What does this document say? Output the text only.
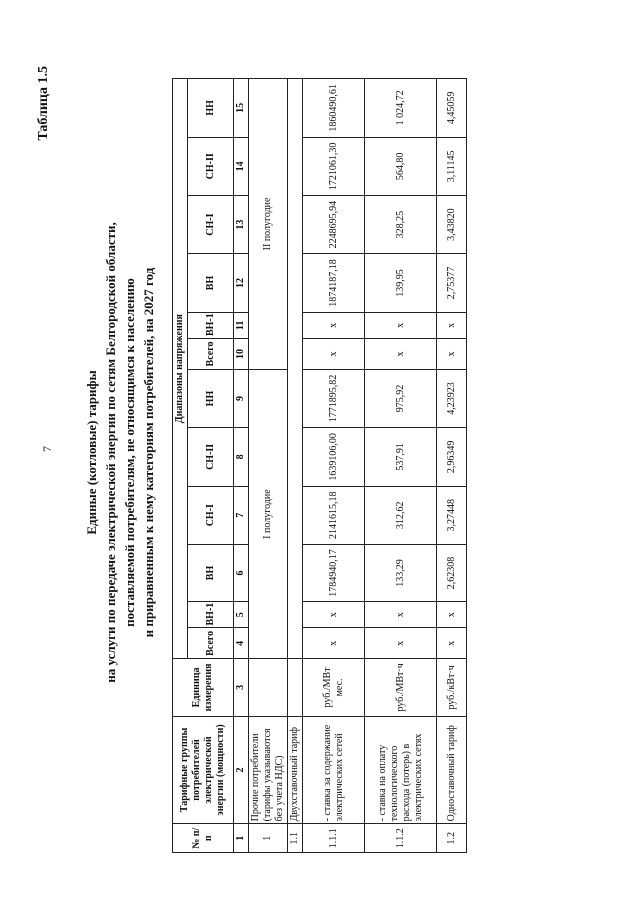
7
Таблица 1.5
Единые (котловые) тарифы на услуги по передаче электрической энергии по сетям Белгородской области, поставляемой потребителям, не относящимся к населению и приравненным к нему категориям потребителей, на 2027 год
№ п/п	Тарифные группы потребителей электрической энергии (мощности)	Единица измерения	Диапазоны напряжения											
			Всего	ВН-1	ВН	СН-I	СН-II	НН	Всего	ВН-1	ВН	СН-I	СН-II	НН
1	2	3	4	5	6	7	8	9	10	11	12	13	14	15
1	Прочие потребители (тарифы указываются без учета НДС)		I полугодие						II полугодие					
1.1	Двухставочный тариф													
1.1.1	- ставка за содержание электрических сетей	руб./МВт мес.	x	x	1784940,17	2141615,18	1639106,00	1771895,82	x	x	1874187,18	2248695,94	1721061,30	1860490,61
1.1.2	- ставка на оплату технологического расхода (потерь) в электрических сетях	руб./МВт·ч	x	x	133,29	312,62	537,91	975,92	x	x	139,95	328,25	564,80	1 024,72
1.2	Одноставочный тариф	руб./кВт·ч	x	x	2,62308	3,27448	2,96349	4,23923	x	x	2,75377	3,43820	3,11145	4,45059
